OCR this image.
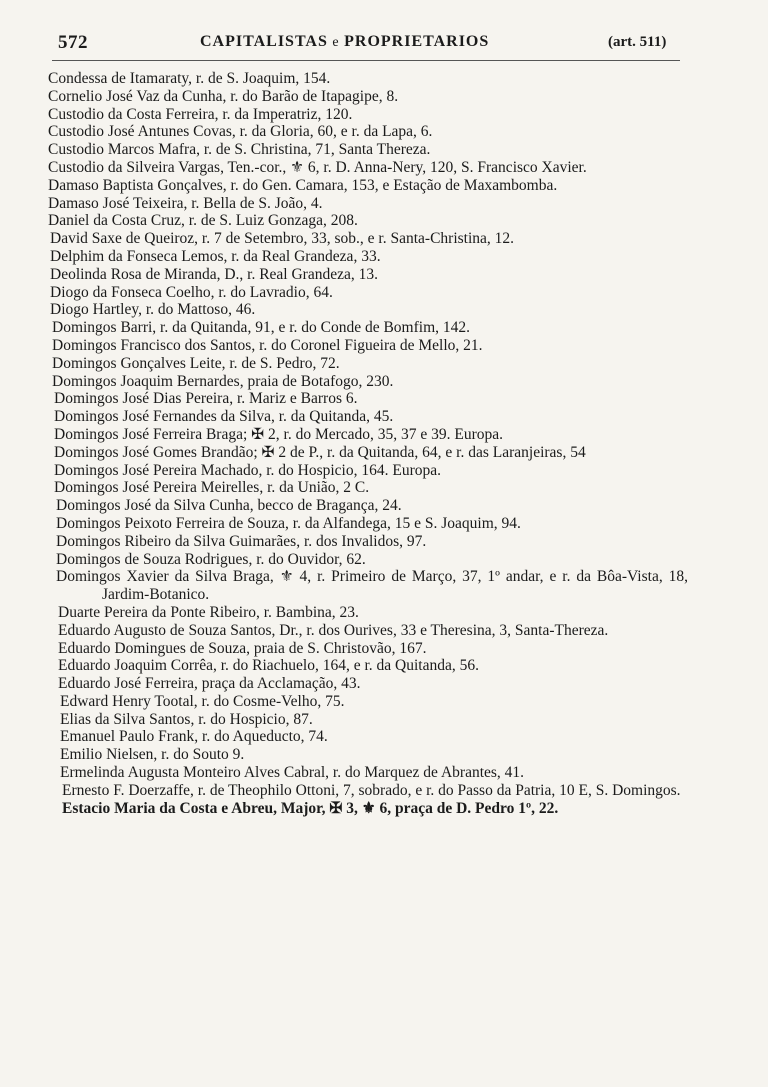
572	CAPITALISTAS e PROPRIETARIOS	(art. 511)
Condessa de Itamaraty, r. de S. Joaquim, 154.
Cornelio José Vaz da Cunha, r. do Barão de Itapagipe, 8.
Custodio da Costa Ferreira, r. da Imperatriz, 120.
Custodio José Antunes Covas, r. da Gloria, 60, e r. da Lapa, 6.
Custodio Marcos Mafra, r. de S. Christina, 71, Santa Thereza.
Custodio da Silveira Vargas, Ten.-cor., ⚜ 6, r. D. Anna-Nery, 120, S. Francisco Xavier.
Damaso Baptista Gonçalves, r. do Gen. Camara, 153, e Estação de Maxambomba.
Damaso José Teixeira, r. Bella de S. João, 4.
Daniel da Costa Cruz, r. de S. Luiz Gonzaga, 208.
David Saxe de Queiroz, r. 7 de Setembro, 33, sob., e r. Santa-Christina, 12.
Delphim da Fonseca Lemos, r. da Real Grandeza, 33.
Deolinda Rosa de Miranda, D., r. Real Grandeza, 13.
Diogo da Fonseca Coelho, r. do Lavradio, 64.
Diogo Hartley, r. do Mattoso, 46.
Domingos Barri, r. da Quitanda, 91, e r. do Conde de Bomfim, 142.
Domingos Francisco dos Santos, r. do Coronel Figueira de Mello, 21.
Domingos Gonçalves Leite, r. de S. Pedro, 72.
Domingos Joaquim Bernardes, praia de Botafogo, 230.
Domingos José Dias Pereira, r. Mariz e Barros 6.
Domingos José Fernandes da Silva, r. da Quitanda, 45.
Domingos José Ferreira Braga; ✠ 2, r. do Mercado, 35, 37 e 39. Europa.
Domingos José Gomes Brandão; ✠ 2 de P., r. da Quitanda, 64, e r. das Laranjeiras, 54
Domingos José Pereira Machado, r. do Hospicio, 164. Europa.
Domingos José Pereira Meirelles, r. da União, 2 C.
Domingos José da Silva Cunha, becco de Bragança, 24.
Domingos Peixoto Ferreira de Souza, r. da Alfandega, 15 e S. Joaquim, 94.
Domingos Ribeiro da Silva Guimarães, r. dos Invalidos, 97.
Domingos de Souza Rodrigues, r. do Ouvidor, 62.
Domingos Xavier da Silva Braga, ⚜ 4, r. Primeiro de Março, 37, 1º andar, e r. da Bôa-Vista, 18, Jardim-Botanico.
Duarte Pereira da Ponte Ribeiro, r. Bambina, 23.
Eduardo Augusto de Souza Santos, Dr., r. dos Ourives, 33 e Theresina, 3, Santa-Thereza.
Eduardo Domingues de Souza, praia de S. Christovão, 167.
Eduardo Joaquim Corrêa, r. do Riachuelo, 164, e r. da Quitanda, 56.
Eduardo José Ferreira, praça da Acclamação, 43.
Edward Henry Tootal, r. do Cosme-Velho, 75.
Elias da Silva Santos, r. do Hospicio, 87.
Emanuel Paulo Frank, r. do Aqueducto, 74.
Emilio Nielsen, r. do Souto 9.
Ermelinda Augusta Monteiro Alves Cabral, r. do Marquez de Abrantes, 41.
Ernesto F. Doerzaffe, r. de Theophilo Ottoni, 7, sobrado, e r. do Passo da Patria, 10 E, S. Domingos.
Estacio Maria da Costa e Abreu, Major, ✠ 3, ⚜ 6, praça de D. Pedro 1º, 22.
